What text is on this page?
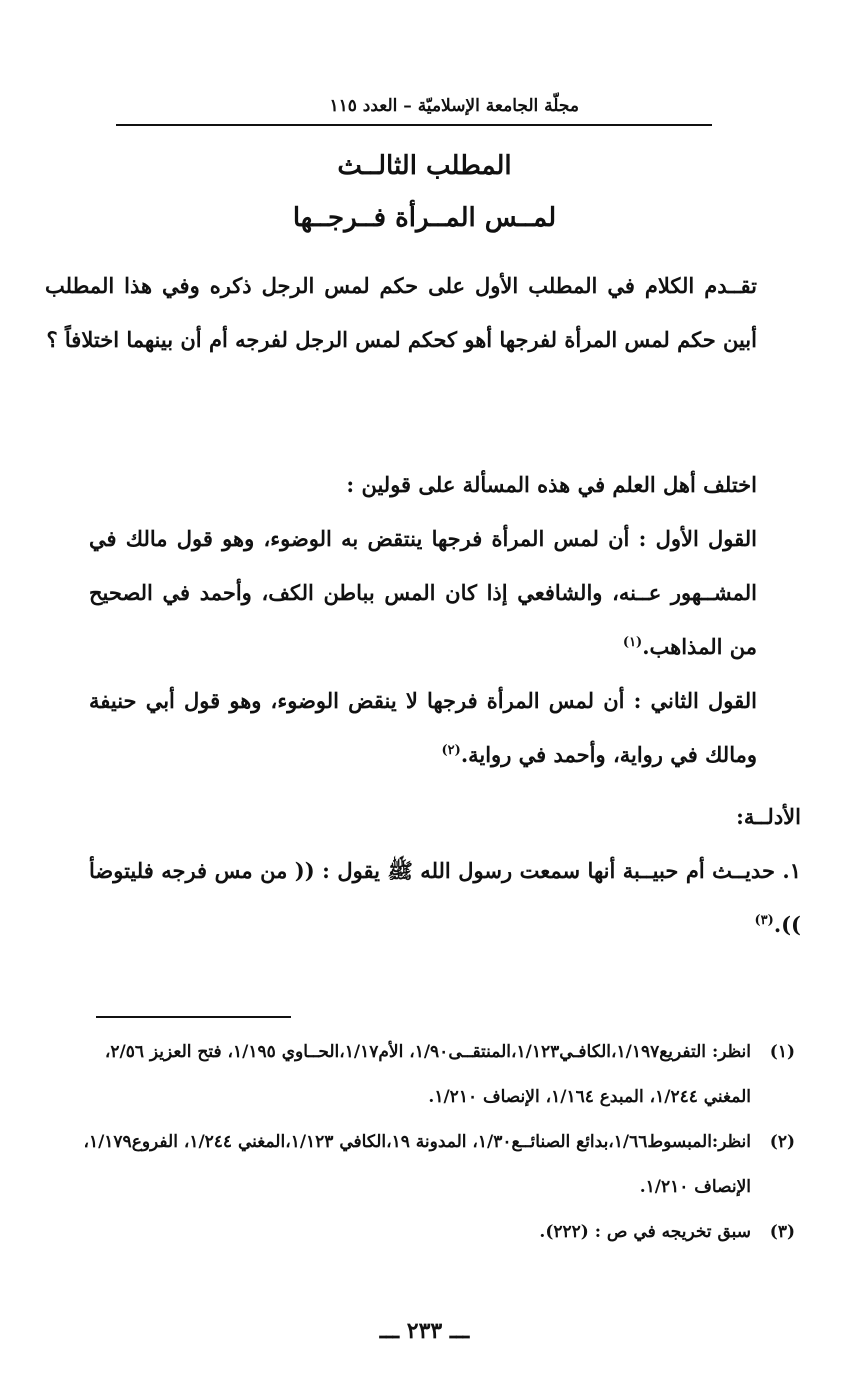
مجلّة الجامعة الإسلاميّة – العدد ١١٥
المطلب الثالــث
لمــس المــرأة فــرجــها

تقــدم الكلام في المطلب الأول على حكم لمس الرجل ذكره وفي هذا المطلب أبين حكم لمس المرأة لفرجها أهو كحكم لمس الرجل لفرجه أم أن بينهما اختلافاً ؟

اختلف أهل العلم في هذه المسألة على قولين :

القول الأول : أن لمس المرأة فرجها ينتقض به الوضوء، وهو قول مالك في المشــهور عــنه، والشافعي إذا كان المس بباطن الكف، وأحمد في الصحيح من المذاهب.$^{(١)}$

القول الثاني : أن لمس المرأة فرجها لا ينقض الوضوء، وهو قول أبي حنيفة ومالك في رواية، وأحمد في رواية.$^{(٢)}$

الأدلــة:

١. حديــث أم حبيــبة أنها سمعت رسول الله ﷺ يقول : (( من مس فرجه فليتوضأ )).$^{(٣)}$

(١)
انظر: التفريع١/١٩٧،الكافـي١/١٢٣،المنتقــى١/٩٠، الأم١/١٧،الحــاوي ١/١٩٥، فتح العزيز ٢/٥٦، المغني ١/٢٤٤، المبدع ١/١٦٤، الإنصاف ١/٢١٠.

(٢)
انظر:المبسوط١/٦٦،بدائع الصنائــع١/٣٠، المدونة ١٩،الكافي ١/١٢٣،المغني ١/٢٤٤، الفروع١/١٧٩، الإنصاف ١/٢١٠.

(٣)
سبق تخريجه في ص : (٢٢٢).

ـــ ٢٣٣ ـــ
